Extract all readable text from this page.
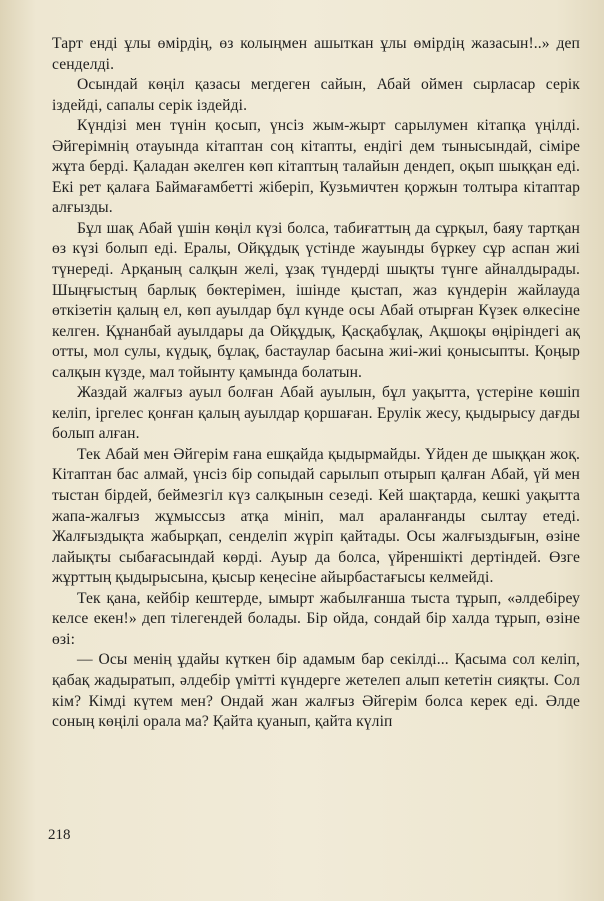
Тарт енді ұлы өмірдің, өз колыңмен ашыткан ұлы өмірдің жазасын!..» деп сенделді.

Осындай көңіл қазасы мегдеген сайын, Абай оймен сырласар серік іздейді, сапалы серік іздейді.

Күндізі мен түнін қосып, үнсіз жым-жырт сарылумен кітапқа үңілді. Әйгерімнің отауында кітаптан соң кітапты, ендігі дем тынысындай, сіміре жұта берді. Қаладан әкелген көп кітаптың талайын дендеп, оқып шыққан еді. Екі рет қалаға Баймағамбетті жіберіп, Кузьмичтен қоржын толтыра кітаптар алғызды.

Бұл шақ Абай үшін көңіл күзі болса, табиғаттың да сұрқыл, баяу тартқан өз күзі болып еді. Ералы, Ойқұдық үстінде жауынды бүркеу сұр аспан жиі түнереді. Арқаның салқын желі, ұзақ түндерді шықты түнге айналдырады. Шыңғыстың барлық бөктерімен, ішінде қыстап, жаз күндерін жайлауда өткізетін қалың ел, көп ауылдар бұл күнде осы Абай отырған Күзек өлкесіне келген. Құнанбай ауылдары да Ойқұдық, Қасқабұлақ, Ақшоқы өңіріндегі ақ отты, мол сулы, күдық, бұлақ, бастаулар басына жиі-жиі қонысыпты. Қоңыр салқын күзде, мал тойынту қамында болатын.

Жаздай жалғыз ауыл болған Абай ауылын, бұл уақытта, үстеріне көшіп келіп, іргелес қонған қалың ауылдар қоршаған. Ерулік жесу, қыдырысу дағды болып алған.

Тек Абай мен Әйгерім ғана ешқайда қыдырмайды. Үйден де шыққан жоқ. Кітаптан бас алмай, үнсіз бір сопыдай сарылып отырып қалған Абай, үй мен тыстан бірдей, беймезгіл күз салқынын сезеді. Кей шақтарда, кешкі уақытта жапа-жалғыз жұмыссыз атқа мініп, мал араланғанды сылтау етеді. Жалғыздықта жабырқап, сенделіп жүріп қайтады. Осы жалғыздығын, өзіне лайықты сыбағасындай көрді. Ауыр да болса, үйреншікті дертіндей. Өзге жұрттың қыдырысына, қысыр кеңесіне айырбастағысы келмейді.

Тек қана, кейбір кештерде, ымырт жабылғанша тыста тұрып, «әлдебіреу келсе екен!» деп тілегендей болады. Бір ойда, сондай бір халда тұрып, өзіне өзі:

— Осы менің ұдайы күткен бір адамым бар секілді... Қасыма сол келіп, қабақ жадыратып, әлдебір үмітті күндерге жетелеп алып кететін сияқты. Сол кім? Кімді күтем мен? Ондай жан жалғыз Әйгерім болса керек еді. Әлде соның көңілі орала ма? Қайта қуанып, қайта күліп

218
